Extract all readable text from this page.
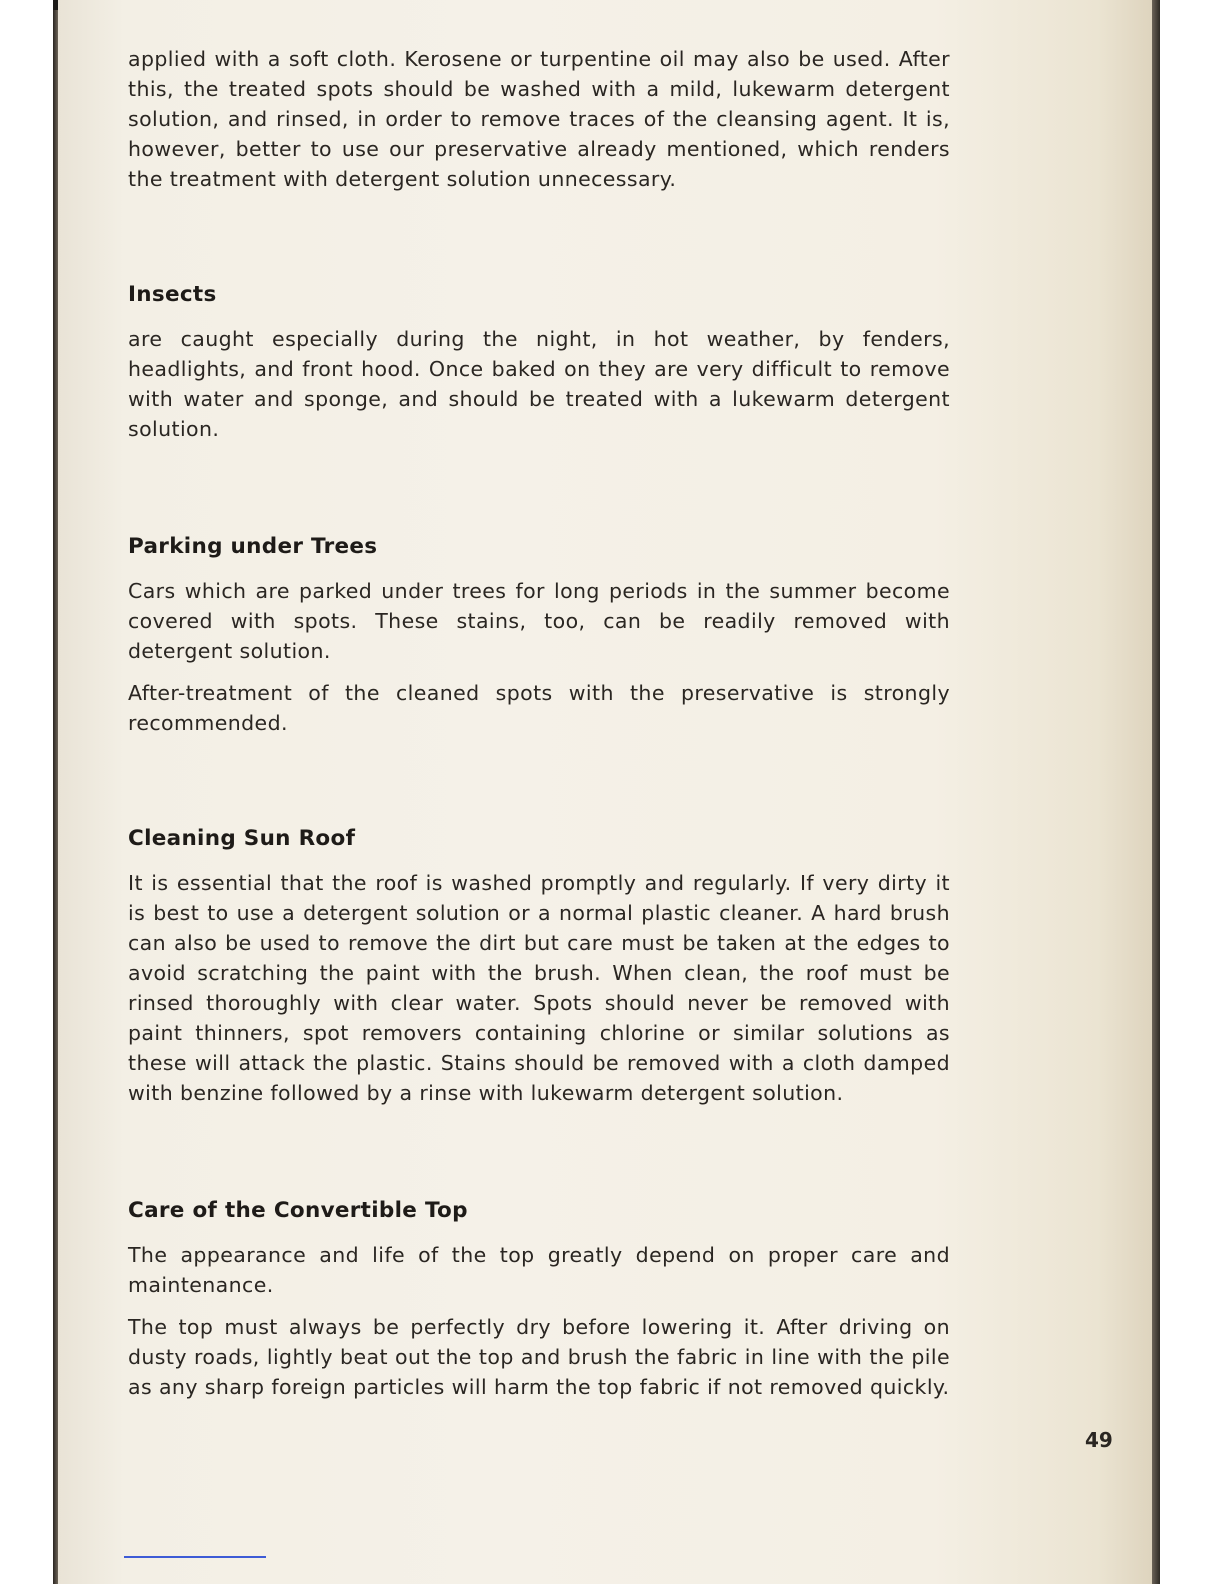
applied with a soft cloth. Kerosene or turpentine oil may also be used. After this, the treated spots should be washed with a mild, lukewarm detergent solution, and rinsed, in order to remove traces of the cleansing agent. It is, however, better to use our preservative already mentioned, which renders the treatment with detergent solution unnecessary.

Insects

are caught especially during the night, in hot weather, by fenders, headlights, and front hood. Once baked on they are very difficult to remove with water and sponge, and should be treated with a lukewarm detergent solution.

Parking under Trees

Cars which are parked under trees for long periods in the summer become covered with spots. These stains, too, can be readily removed with detergent solution.

After-treatment of the cleaned spots with the preservative is strongly recommended.

Cleaning Sun Roof

It is essential that the roof is washed promptly and regularly. If very dirty it is best to use a detergent solution or a normal plastic cleaner. A hard brush can also be used to remove the dirt but care must be taken at the edges to avoid scratching the paint with the brush. When clean, the roof must be rinsed thoroughly with clear water. Spots should never be removed with paint thinners, spot removers containing chlorine or similar solutions as these will attack the plastic. Stains should be removed with a cloth damped with benzine followed by a rinse with lukewarm detergent solution.

Care of the Convertible Top

The appearance and life of the top greatly depend on proper care and maintenance.

The top must always be perfectly dry before lowering it. After driving on dusty roads, lightly beat out the top and brush the fabric in line with the pile as any sharp foreign particles will harm the top fabric if not removed quickly.

49
